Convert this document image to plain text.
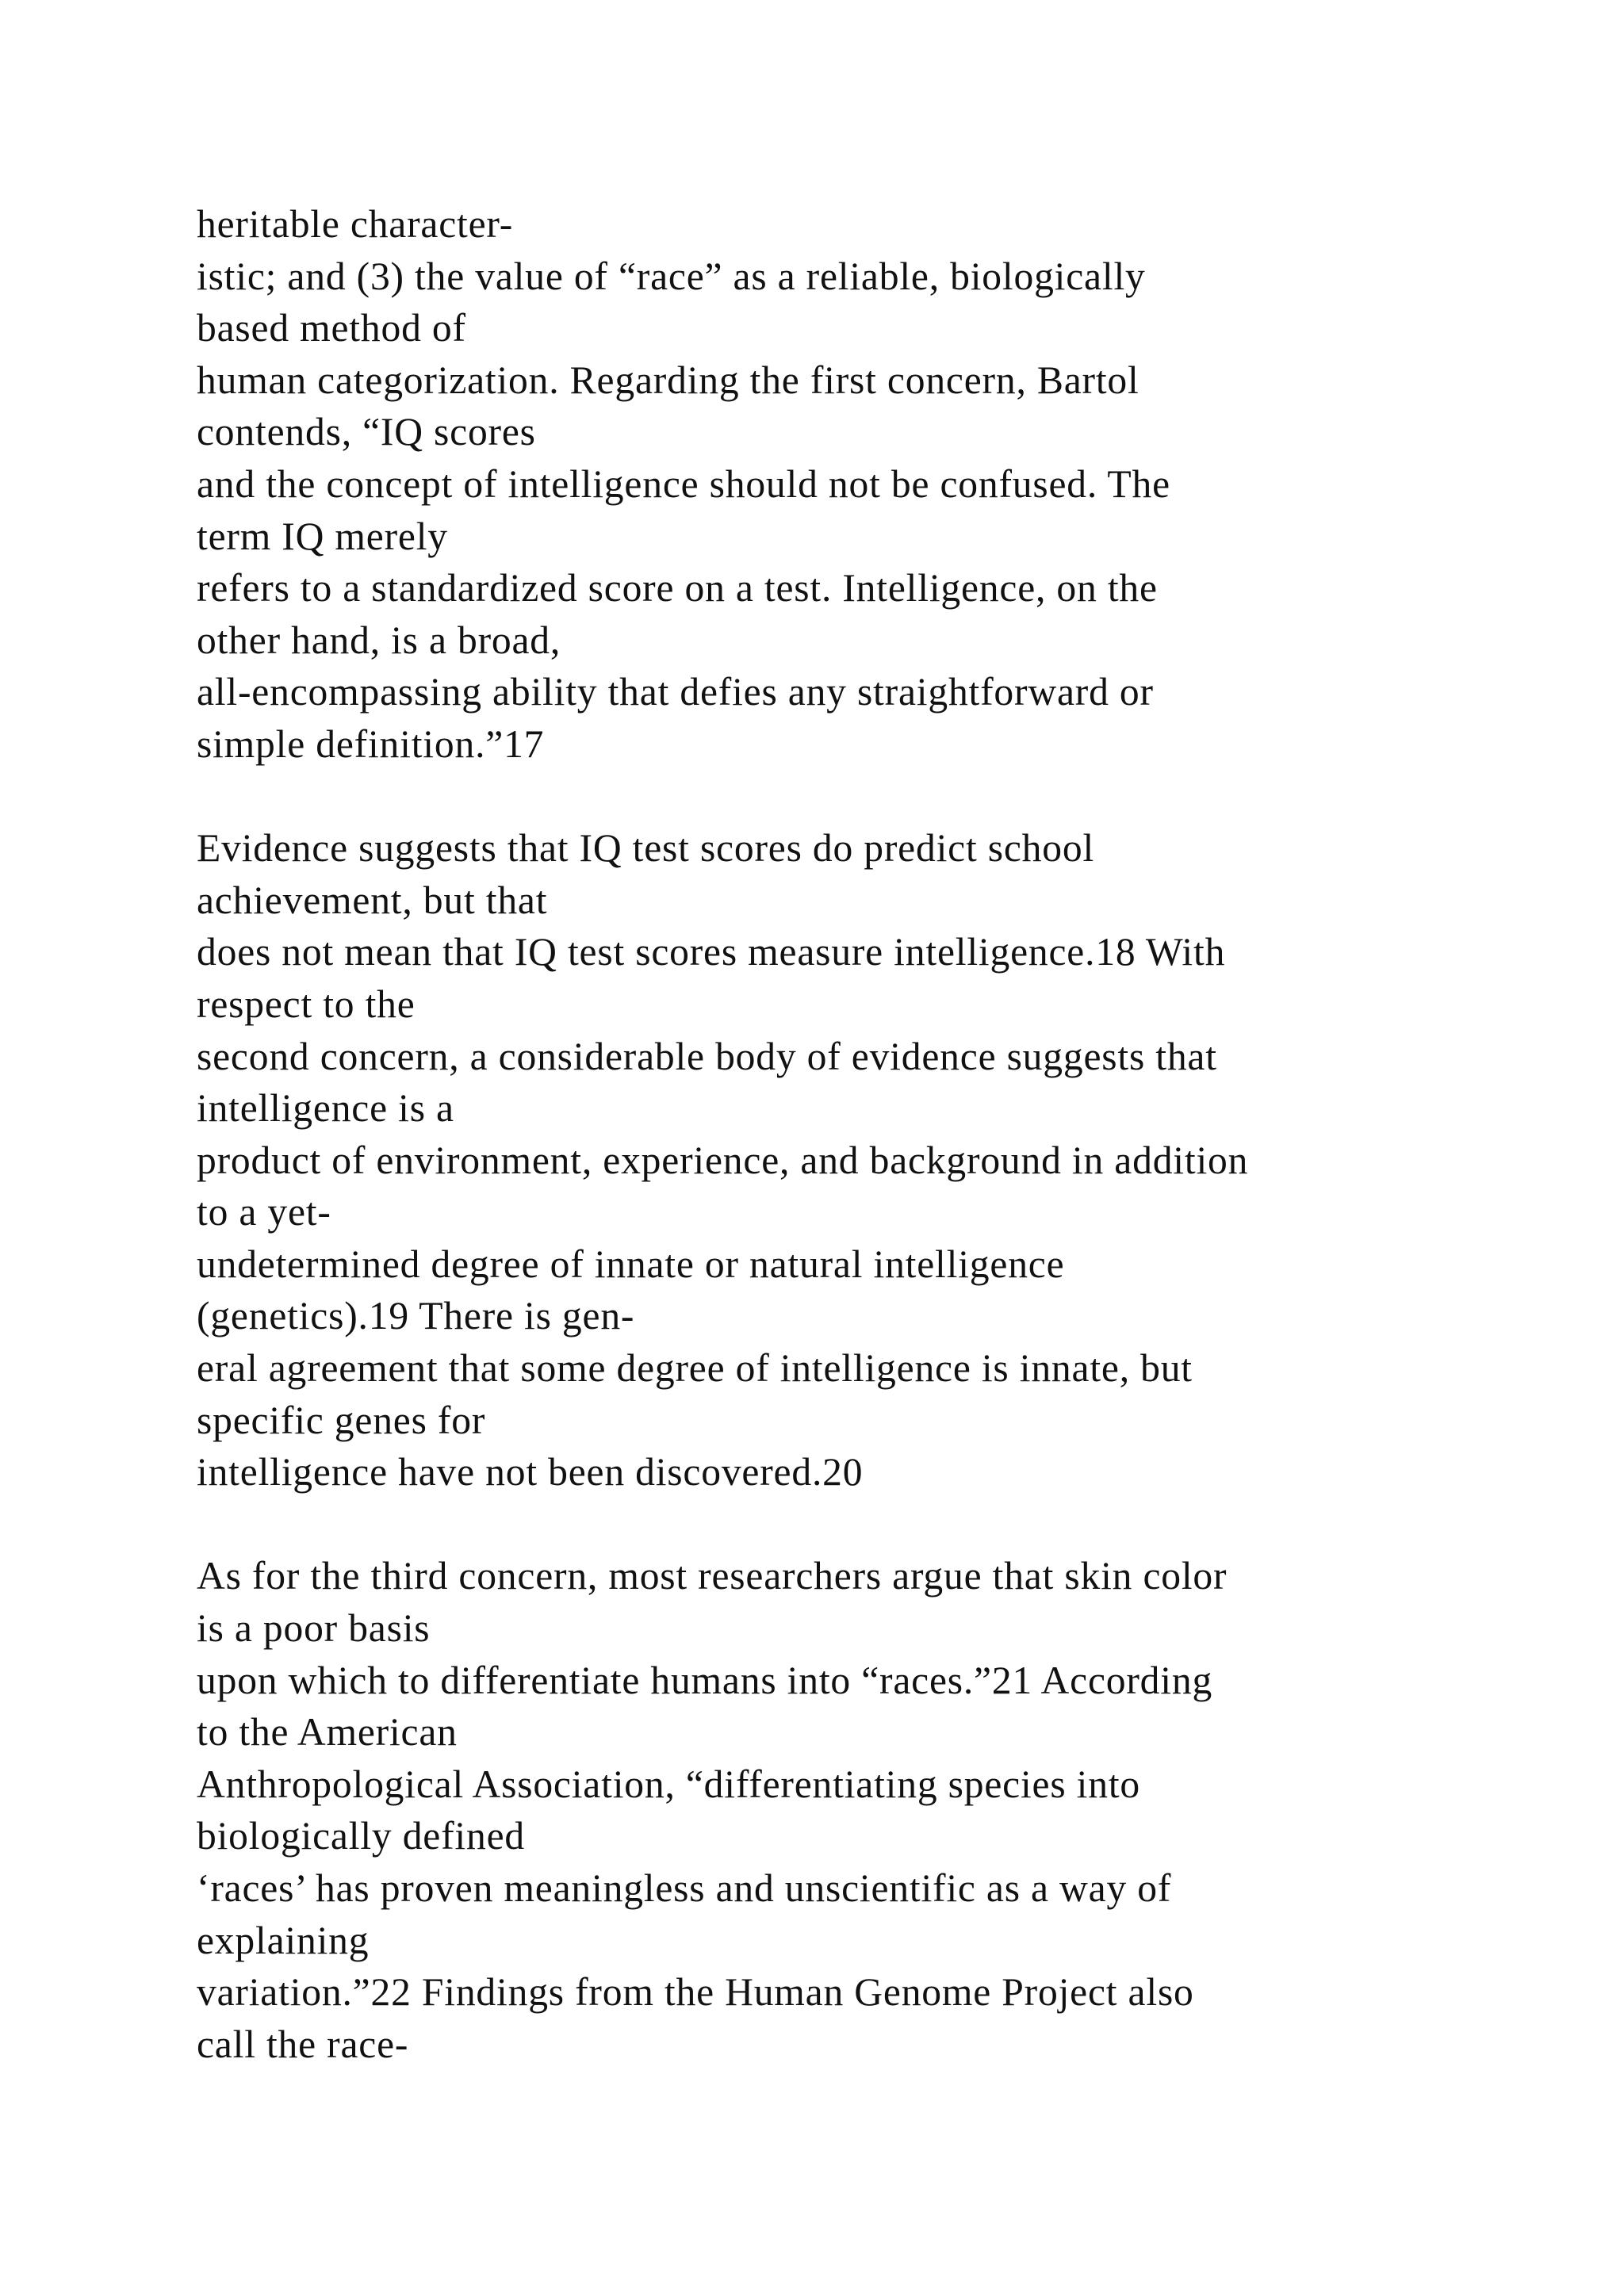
heritable character-
istic; and (3) the value of “race” as a reliable, biologically
based method of
human categorization. Regarding the first concern, Bartol
contends, “IQ scores
and the concept of intelligence should not be confused. The
term IQ merely
refers to a standardized score on a test. Intelligence, on the
other hand, is a broad,
all-encompassing ability that defies any straightforward or
simple definition.”17
Evidence suggests that IQ test scores do predict school
achievement, but that
does not mean that IQ test scores measure intelligence.18 With
respect to the
second concern, a considerable body of evidence suggests that
intelligence is a
product of environment, experience, and background in addition
to a yet-
undetermined degree of innate or natural intelligence
(genetics).19 There is gen-
eral agreement that some degree of intelligence is innate, but
specific genes for
intelligence have not been discovered.20
As for the third concern, most researchers argue that skin color
is a poor basis
upon which to differentiate humans into “races.”21 According
to the American
Anthropological Association, “differentiating species into
biologically defined
‘races’ has proven meaningless and unscientific as a way of
explaining
variation.”22 Findings from the Human Genome Project also
call the race-
